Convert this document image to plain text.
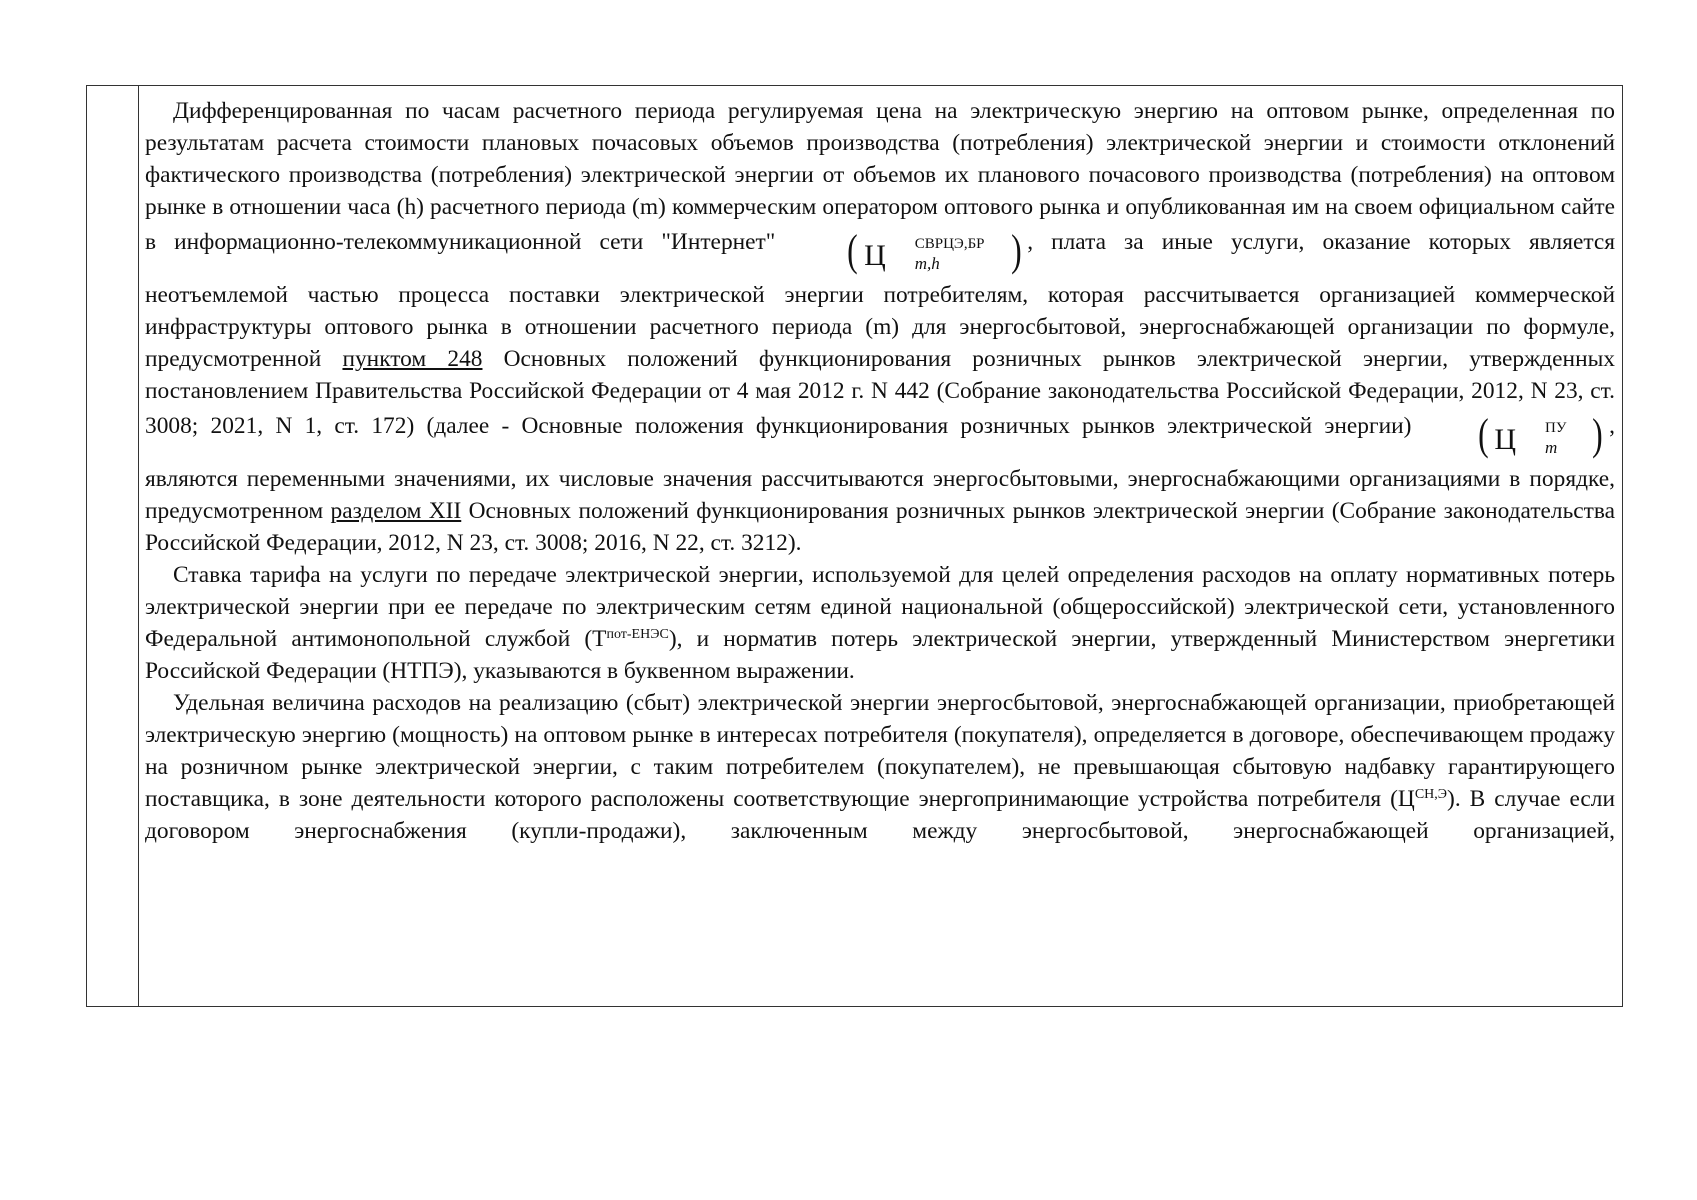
Дифференцированная по часам расчетного периода регулируемая цена на электрическую энергию на оптовом рынке, определенная по результатам расчета стоимости плановых почасовых объемов производства (потребления) электрической энергии и стоимости отклонений фактического производства (потребления) электрической энергии от объемов их планового почасового производства (потребления) на оптовом рынке в отношении часа (h) расчетного периода (m) коммерческим оператором оптового рынка и опубликованная им на своем официальном сайте в информационно-телекоммуникационной сети "Интернет" ( Ц	СВРЦЭ,БР
m,h	) , плата за иные услуги, оказание которых является неотъемлемой частью процесса поставки электрической энергии потребителям, которая рассчитывается организацией коммерческой инфраструктуры оптового рынка в отношении расчетного периода (m) для энергосбытовой, энергоснабжающей организации по формуле, предусмотренной пунктом 248 Основных положений функционирования розничных рынков электрической энергии, утвержденных постановлением Правительства Российской Федерации от 4 мая 2012 г. N 442 (Собрание законодательства Российской Федерации, 2012, N 23, ст. 3008; 2021, N 1, ст. 172) (далее - Основные положения функционирования розничных рынков электрической энергии) ( Ц	ПУ
m ) , являются переменными значениями, их числовые значения рассчитываются энергосбытовыми, энергоснабжающими организациями в порядке, предусмотренном разделом XII Основных положений функционирования розничных рынков электрической энергии (Собрание законодательства Российской Федерации, 2012, N 23, ст. 3008; 2016, N 22, ст. 3212).

Ставка тарифа на услуги по передаче электрической энергии, используемой для целей определения расходов на оплату нормативных потерь электрической энергии при ее передаче по электрическим сетям единой национальной (общероссийской) электрической сети, установленного Федеральной антимонопольной службой $(Т^{пот-ЕНЭС})$, и норматив потерь электрической энергии, утвержденный Министерством энергетики Российской Федерации (НТПЭ), указываются в буквенном выражении.

Удельная величина расходов на реализацию (сбыт) электрической энергии энергосбытовой, энергоснабжающей организации, приобретающей электрическую энергию (мощность) на оптовом рынке в интересах потребителя (покупателя), определяется в договоре, обеспечивающем продажу на розничном рынке электрической энергии, с таким потребителем (покупателем), не превышающая сбытовую надбавку гарантирующего поставщика, в зоне деятельности которого расположены соответствующие энергопринимающие устройства потребителя $(Ц^{СН,Э})$. В случае если договором энергоснабжения (купли-продажи), заключенным между энергосбытовой, энергоснабжающей организацией,
